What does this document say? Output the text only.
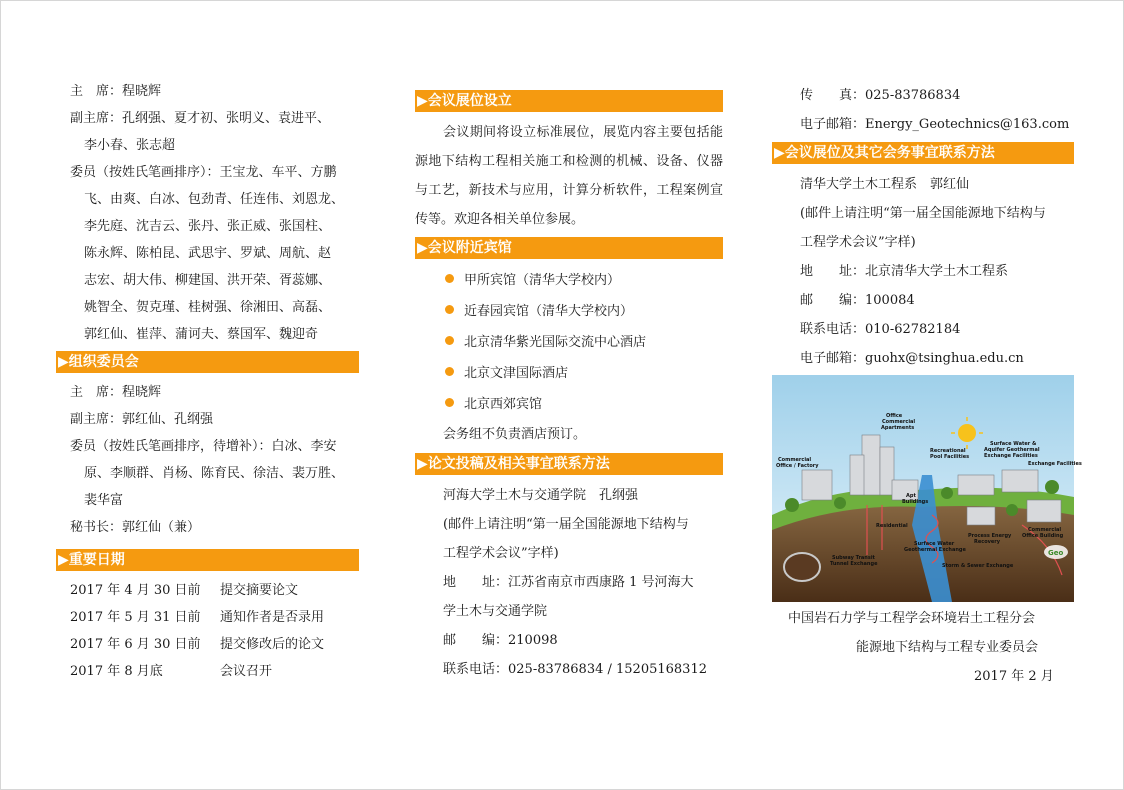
主　席：程晓辉
副主席：孔纲强、夏才初、张明义、袁进平、
李小春、张志超
委员（按姓氏笔画排序）：王宝龙、车平、方鹏
飞、由爽、白冰、包劲青、任连伟、刘恩龙、
李先庭、沈吉云、张丹、张正威、张国柱、
陈永辉、陈柏昆、武思宇、罗斌、周航、赵
志宏、胡大伟、柳建国、洪开荣、胥蕊娜、
姚智全、贺克瑾、桂树强、徐湘田、高磊、
郭红仙、崔萍、蒲诃夫、蔡国军、魏迎奇
▶组织委员会
主　席：程晓辉
副主席：郭红仙、孔纲强
委员（按姓氏笔画排序，待增补）：白冰、李安
原、李顺群、肖杨、陈育民、徐洁、裴万胜、
裴华富
秘书长：郭红仙（兼）
▶重要日期
2017 年 4 月 30 日前	提交摘要论文
2017 年 5 月 31 日前	通知作者是否录用
2017 年 6 月 30 日前	提交修改后的论文
2017 年 8 月底	会议召开
▶会议展位设立
会议期间将设立标准展位，展览内容主要包括能源地下结构工程相关施工和检测的机械、设备、仪器与工艺，新技术与应用，计算分析软件，工程案例宣传等。欢迎各相关单位参展。
▶会议附近宾馆
甲所宾馆（清华大学校内）
近春园宾馆（清华大学校内）
北京清华紫光国际交流中心酒店
北京文津国际酒店
北京西郊宾馆
会务组不负责酒店预订。
▶论文投稿及相关事宜联系方法
河海大学土木与交通学院　孔纲强
(邮件上请注明“第一届全国能源地下结构与
工程学术会议”字样)
地　　址：江苏省南京市西康路 1 号河海大
学土木与交通学院
邮　　编：210098
联系电话：025-83786834 / 15205168312
传　　真：025-83786834
电子邮箱：Energy_Geotechnics@163.com
▶会议展位及其它会务事宜联系方法
清华大学土木工程系　郭红仙
(邮件上请注明“第一届全国能源地下结构与
工程学术会议”字样)
地　　址：北京清华大学土木工程系
邮　　编：100084
联系电话：010-62782184
电子邮箱：guohx@tsinghua.edu.cn
Office
Commercial
Apartments
Recreational
Pool Facilities
Surface Water &
Aquifer Geothermal
Exchange Facilities
Exchange Facilities
Commercial
Office / Factory
Apt
Buildings
Residential
Process Energy
Recovery
Surface Water
Geothermal Exchange
Subway Transit
Tunnel Exchange	Storm & Sewer Exchange
Commercial
Office Building
Geo
中国岩石力学与工程学会环境岩土工程分会
能源地下结构与工程专业委员会
2017 年 2 月
